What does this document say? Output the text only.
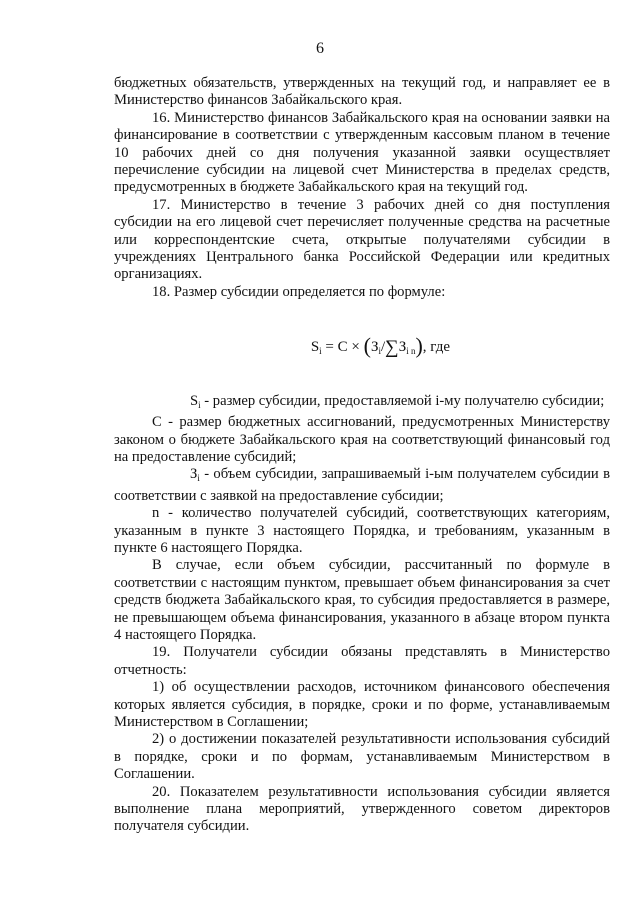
6

бюджетных обязательств, утвержденных на текущий год, и направляет ее в Министерство финансов Забайкальского края.

16. Министерство финансов Забайкальского края на основании заявки на финансирование в соответствии с утвержденным кассовым планом в течение 10 рабочих дней со дня получения указанной заявки осуществляет перечисление субсидии на лицевой счет Министерства в пределах средств, предусмотренных в бюджете Забайкальского края на текущий год.

17. Министерство в течение 3 рабочих дней со дня поступления субсидии на его лицевой счет перечисляет полученные средства на расчетные или корреспондентские счета, открытые получателями субсидии в учреждениях Центрального банка Российской Федерации или кредитных организациях.

18. Размер субсидии определяется по формуле:

$S_i = C \times (З_i/\sum З_{i n})$, где

$S_i$ - размер субсидии, предоставляемой i-му получателю субсидии;

С - размер бюджетных ассигнований, предусмотренных Министерству законом о бюджете Забайкальского края на соответствующий финансовый год на предоставление субсидий;

$З_i$ - объем субсидии, запрашиваемый i-ым получателем субсидии в соответствии с заявкой на предоставление субсидии;

n - количество получателей субсидий, соответствующих категориям, указанным в пункте 3 настоящего Порядка, и требованиям, указанным в пункте 6 настоящего Порядка.

В случае, если объем субсидии, рассчитанный по формуле в соответствии с настоящим пунктом, превышает объем финансирования за счет средств бюджета Забайкальского края, то субсидия предоставляется в размере, не превышающем объема финансирования, указанного в абзаце втором пункта 4 настоящего Порядка.

19. Получатели субсидии обязаны представлять в Министерство отчетность:

1) об осуществлении расходов, источником финансового обеспечения которых является субсидия, в порядке, сроки и по форме, устанавливаемым Министерством в Соглашении;

2) о достижении показателей результативности использования субсидий в порядке, сроки и по формам, устанавливаемым Министерством в Соглашении.

20. Показателем результативности использования субсидии является выполнение плана мероприятий, утвержденного советом директоров получателя субсидии.
